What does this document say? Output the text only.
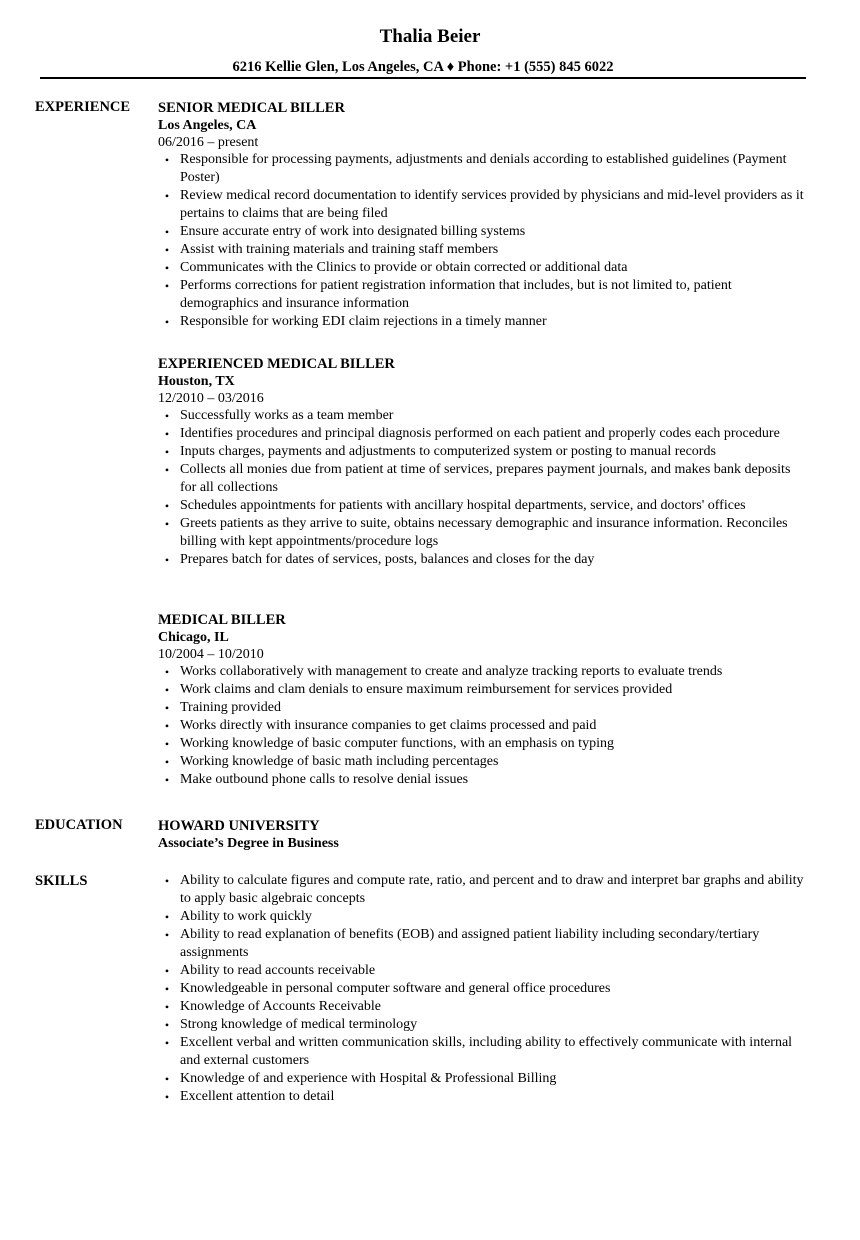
Thalia Beier
6216 Kellie Glen, Los Angeles, CA ♦ Phone: +1 (555) 845 6022
EXPERIENCE SENIOR MEDICAL BILLER
Los Angeles, CA
06/2016 – present
• Responsible for processing payments, adjustments and denials according to established guidelines (Payment Poster)
• Review medical record documentation to identify services provided by physicians and mid-level providers as it pertains to claims that are being filed
• Ensure accurate entry of work into designated billing systems
• Assist with training materials and training staff members
• Communicates with the Clinics to provide or obtain corrected or additional data
• Performs corrections for patient registration information that includes, but is not limited to, patient demographics and insurance information
• Responsible for working EDI claim rejections in a timely manner
EXPERIENCED MEDICAL BILLER
Houston, TX
12/2010 – 03/2016
• Successfully works as a team member
• Identifies procedures and principal diagnosis performed on each patient and properly codes each procedure
• Inputs charges, payments and adjustments to computerized system or posting to manual records
• Collects all monies due from patient at time of services, prepares payment journals, and makes bank deposits for all collections
• Schedules appointments for patients with ancillary hospital departments, service, and doctors' offices
• Greets patients as they arrive to suite, obtains necessary demographic and insurance information. Reconciles billing with kept appointments/procedure logs
• Prepares batch for dates of services, posts, balances and closes for the day
MEDICAL BILLER
Chicago, IL
10/2004 – 10/2010
• Works collaboratively with management to create and analyze tracking reports to evaluate trends
• Work claims and clam denials to ensure maximum reimbursement for services provided
• Training provided
• Works directly with insurance companies to get claims processed and paid
• Working knowledge of basic computer functions, with an emphasis on typing
• Working knowledge of basic math including percentages
• Make outbound phone calls to resolve denial issues
EDUCATION HOWARD UNIVERSITY
Associate’s Degree in Business
SKILLS	• Ability to calculate figures and compute rate, ratio, and percent and to draw and interpret bar graphs and ability to apply basic algebraic concepts
• Ability to work quickly
• Ability to read explanation of benefits (EOB) and assigned patient liability including secondary/tertiary assignments
• Ability to read accounts receivable
• Knowledgeable in personal computer software and general office procedures
• Knowledge of Accounts Receivable
• Strong knowledge of medical terminology
• Excellent verbal and written communication skills, including ability to effectively communicate with internal and external customers
• Knowledge of and experience with Hospital & Professional Billing
• Excellent attention to detail
